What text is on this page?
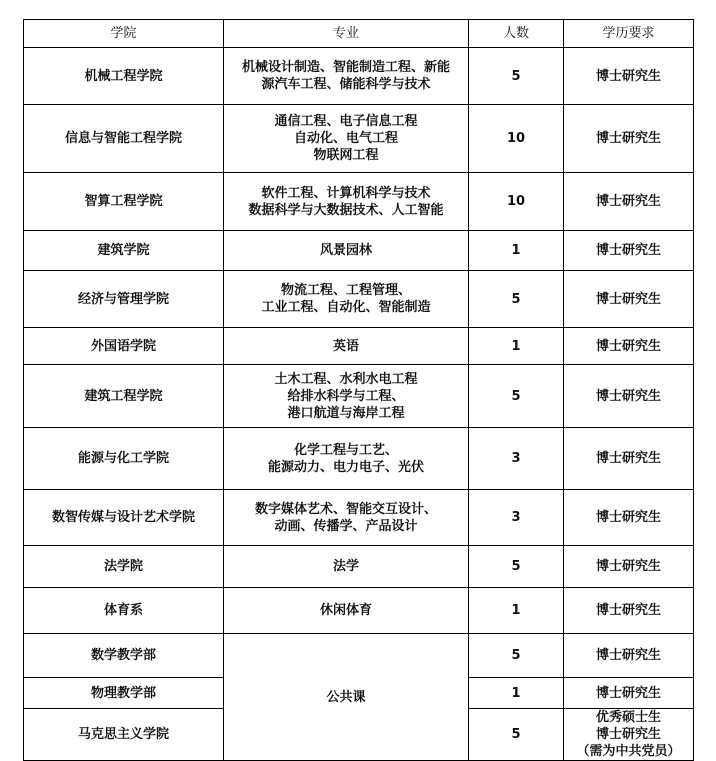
学院	专业	人数	学历要求
机械工程学院	机械设计制造、智能制造工程、新能
源汽车工程、储能科学与技术	5	博士研究生

信息与智能工程学院	通信工程、电子信息工程
自动化、电气工程
物联网工程	10	博士研究生

智算工程学院	软件工程、计算机科学与技术
数据科学与大数据技术、人工智能	10	博士研究生

建筑学院	风景园林	1	博士研究生

经济与管理学院	物流工程、工程管理、
工业工程、自动化、智能制造	5	博士研究生

外国语学院	英语	1	博士研究生

建筑工程学院	土木工程、水利水电工程
给排水科学与工程、
港口航道与海岸工程	5	博士研究生

能源与化工学院	化学工程与工艺、
能源动力、电力电子、光伏	3	博士研究生

数智传媒与设计艺术学院	数字媒体艺术、智能交互设计、
动画、传播学、产品设计	3	博士研究生

法学院	法学	5	博士研究生

体育系	休闲体育	1	博士研究生

数学教学部	公共课	5	博士研究生

物理教学部		1	博士研究生

马克思主义学院		5	优秀硕士生
博士研究生
（需为中共党员）
